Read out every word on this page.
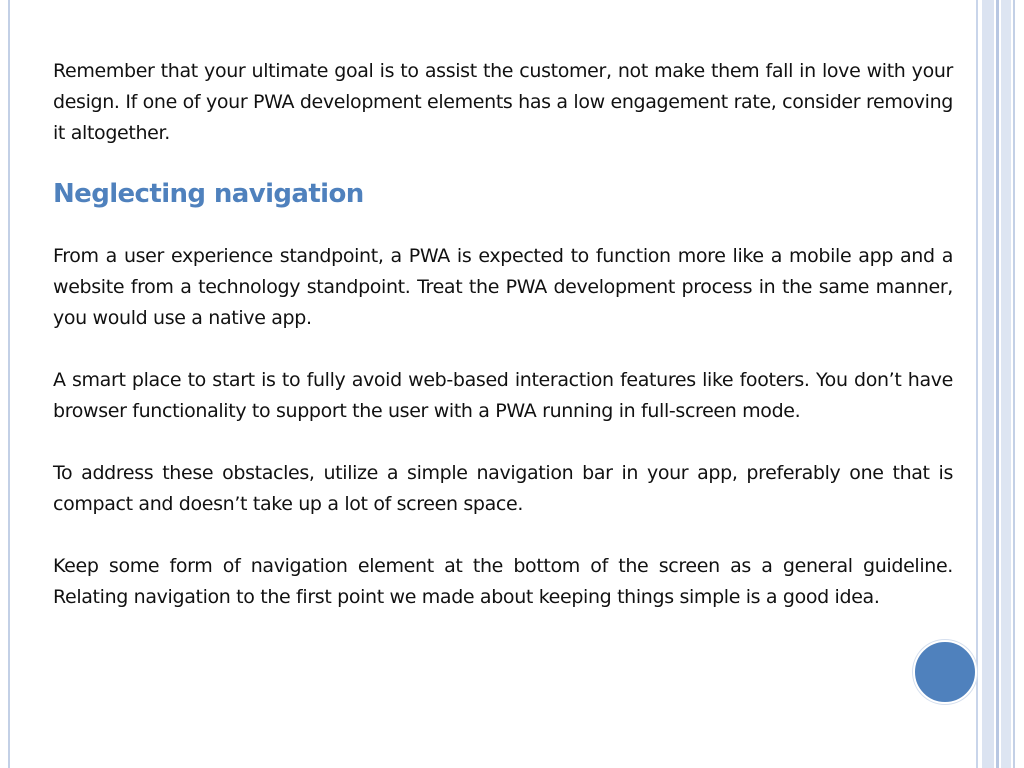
Remember that your ultimate goal is to assist the customer, not make them fall in love with your design. If one of your PWA development elements has a low engagement rate, consider removing it altogether.

Neglecting navigation

From a user experience standpoint, a PWA is expected to function more like a mobile app and a website from a technology standpoint. Treat the PWA development process in the same manner, you would use a native app.

A smart place to start is to fully avoid web-based interaction features like footers. You don’t have browser functionality to support the user with a PWA running in full-screen mode.

To address these obstacles, utilize a simple navigation bar in your app, preferably one that is compact and doesn’t take up a lot of screen space.

Keep some form of navigation element at the bottom of the screen as a general guideline. Relating navigation to the first point we made about keeping things simple is a good idea.
